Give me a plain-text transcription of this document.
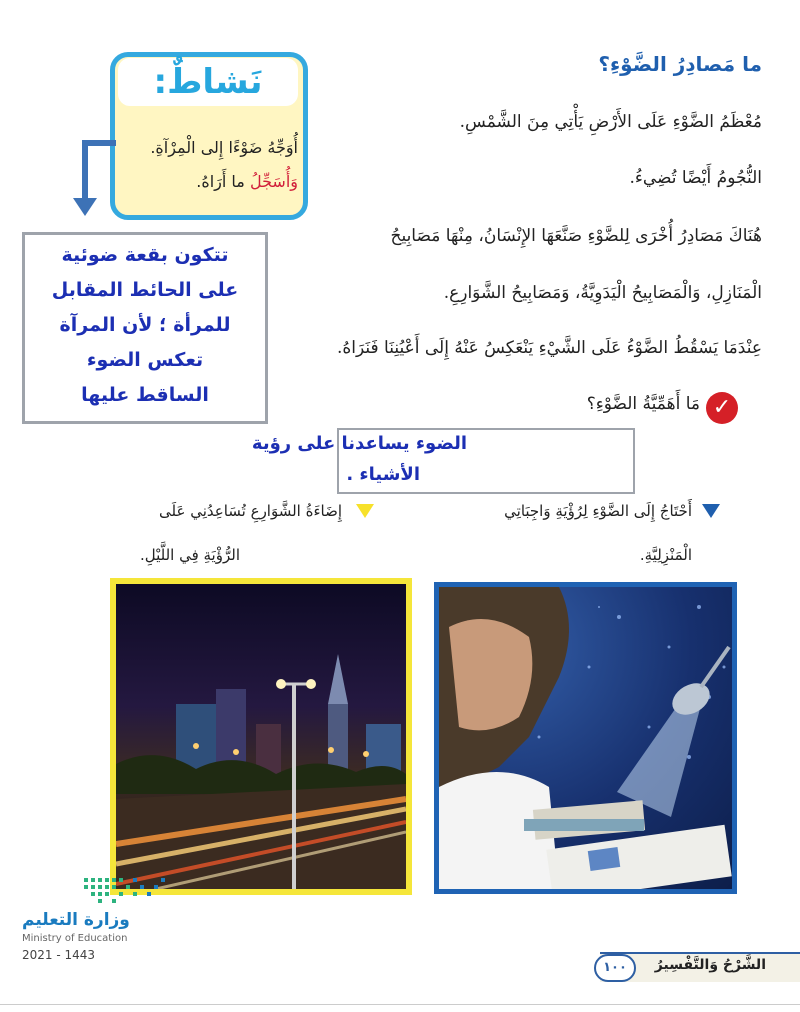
ما مَصادِرُ الضَّوْءِ؟
مُعْظَمُ الضَّوْءِ عَلَى الأَرْضِ يَأْتِي مِنَ الشَّمْسِ.
النُّجُومُ أَيْضًا تُضِيءُ.
هُنَاكَ مَصَادِرُ أُخْرَى لِلضَّوْءِ صَنَّعَهَا الإِنْسَانُ، مِنْهَا مَصَابِيحُ
الْمَنَازِلِ، وَالْمَصَابِيحُ الْيَدَوِيَّةُ، وَمَصَابِيحُ الشَّوَارِعِ.
عِنْدَمَا يَسْقُطُ الضَّوْءُ عَلَى الشَّيْءِ يَنْعَكِسُ عَنْهُ إِلَى أَعْيُنِنَا فَنَرَاهُ.
نَشاطٌ:
أُوَجِّهُ ضَوْءًا إِلى الْمِرْآةِ.
وَأُسَجِّلُ ما أَرَاهُ.
تتكون بقعة ضوئية
على الحائط المقابل
للمرأة ؛ لأن المرآة
تعكس الضوء
الساقط عليها	✓
مَا أَهَمِّيَّةُ الضَّوْءِ؟
الضوء يساعدنا على رؤية
الأشياء .
أَحْتَاجُ إِلَى الضَّوْءِ لِرُؤْيَةِ وَاجِبَاتِي
الْمَنْزِلِيَّةِ.
إِضَاءَةُ الشَّوَارِعِ تُسَاعِدُنِي عَلَى
الرُّؤْيَةِ فِي اللَّيْلِ.
وزارة التعليم
Ministry of Education
2021 - 1443
١٠٠	الشَّرْحُ وَالتَّفْسِيرُ
